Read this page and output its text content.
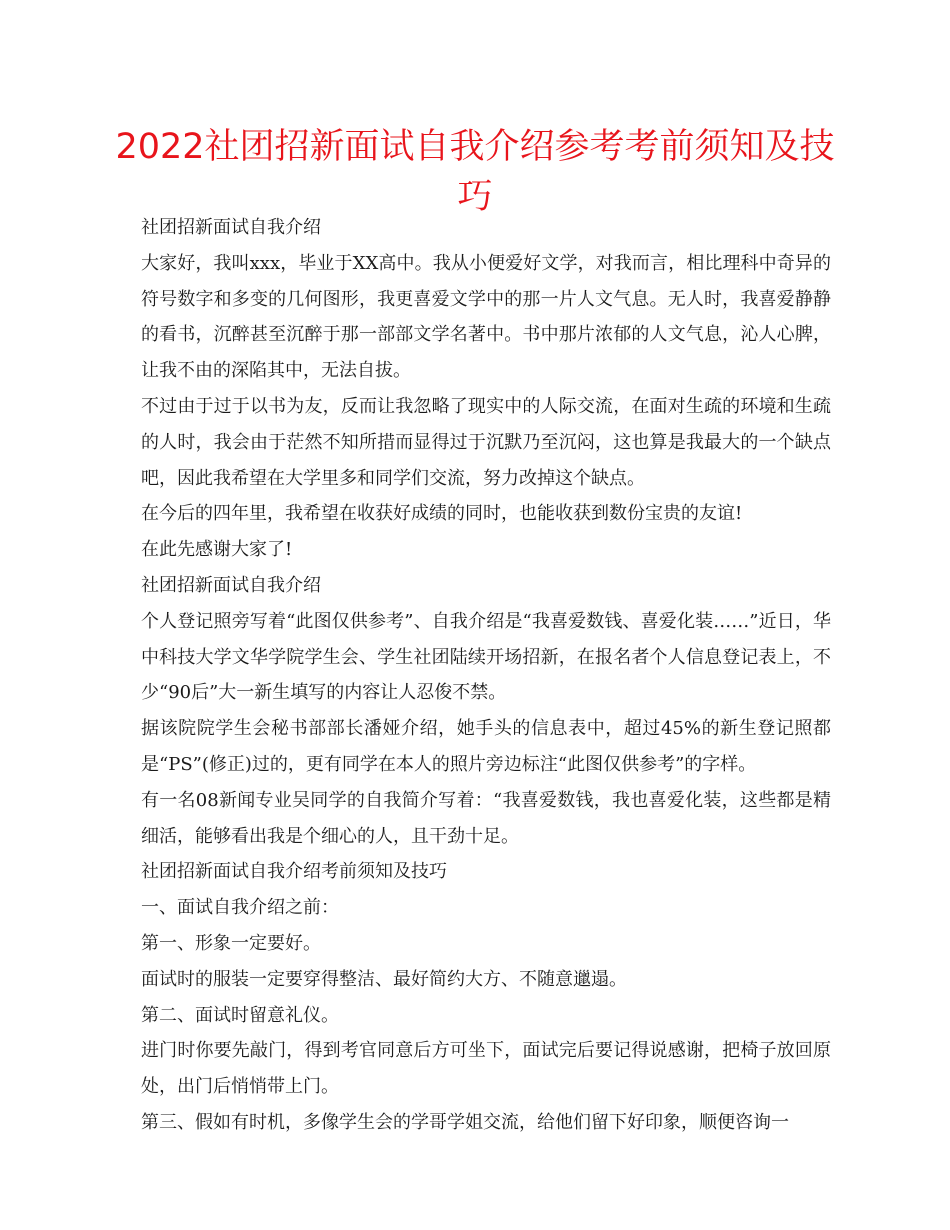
2022社团招新面试自我介绍参考考前须知及技巧

社团招新面试自我介绍

大家好，我叫xxx，毕业于XX高中。我从小便爱好文学，对我而言，相比理科中奇异的符号数字和多变的几何图形，我更喜爱文学中的那一片人文气息。无人时，我喜爱静静的看书，沉醉甚至沉醉于那一部部文学名著中。书中那片浓郁的人文气息，沁人心脾，让我不由的深陷其中，无法自拔。

不过由于过于以书为友，反而让我忽略了现实中的人际交流，在面对生疏的环境和生疏的人时，我会由于茫然不知所措而显得过于沉默乃至沉闷，这也算是我最大的一个缺点吧，因此我希望在大学里多和同学们交流，努力改掉这个缺点。

在今后的四年里，我希望在收获好成绩的同时，也能收获到数份宝贵的友谊!

在此先感谢大家了!

社团招新面试自我介绍

个人登记照旁写着“此图仅供参考”、自我介绍是“我喜爱数钱、喜爱化装……”近日，华中科技大学文华学院学生会、学生社团陆续开场招新，在报名者个人信息登记表上，不少“90后”大一新生填写的内容让人忍俊不禁。

据该院院学生会秘书部部长潘娅介绍，她手头的信息表中，超过45%的新生登记照都是“PS”(修正)过的，更有同学在本人的照片旁边标注“此图仅供参考”的字样。

有一名08新闻专业吴同学的自我简介写着：“我喜爱数钱，我也喜爱化装，这些都是精细活，能够看出我是个细心的人，且干劲十足。

社团招新面试自我介绍考前须知及技巧

一、面试自我介绍之前：

第一、形象一定要好。

面试时的服装一定要穿得整洁、最好简约大方、不随意邋遢。

第二、面试时留意礼仪。

进门时你要先敲门，得到考官同意后方可坐下，面试完后要记得说感谢，把椅子放回原处，出门后悄悄带上门。

第三、假如有时机，多像学生会的学哥学姐交流，给他们留下好印象，顺便咨询一
